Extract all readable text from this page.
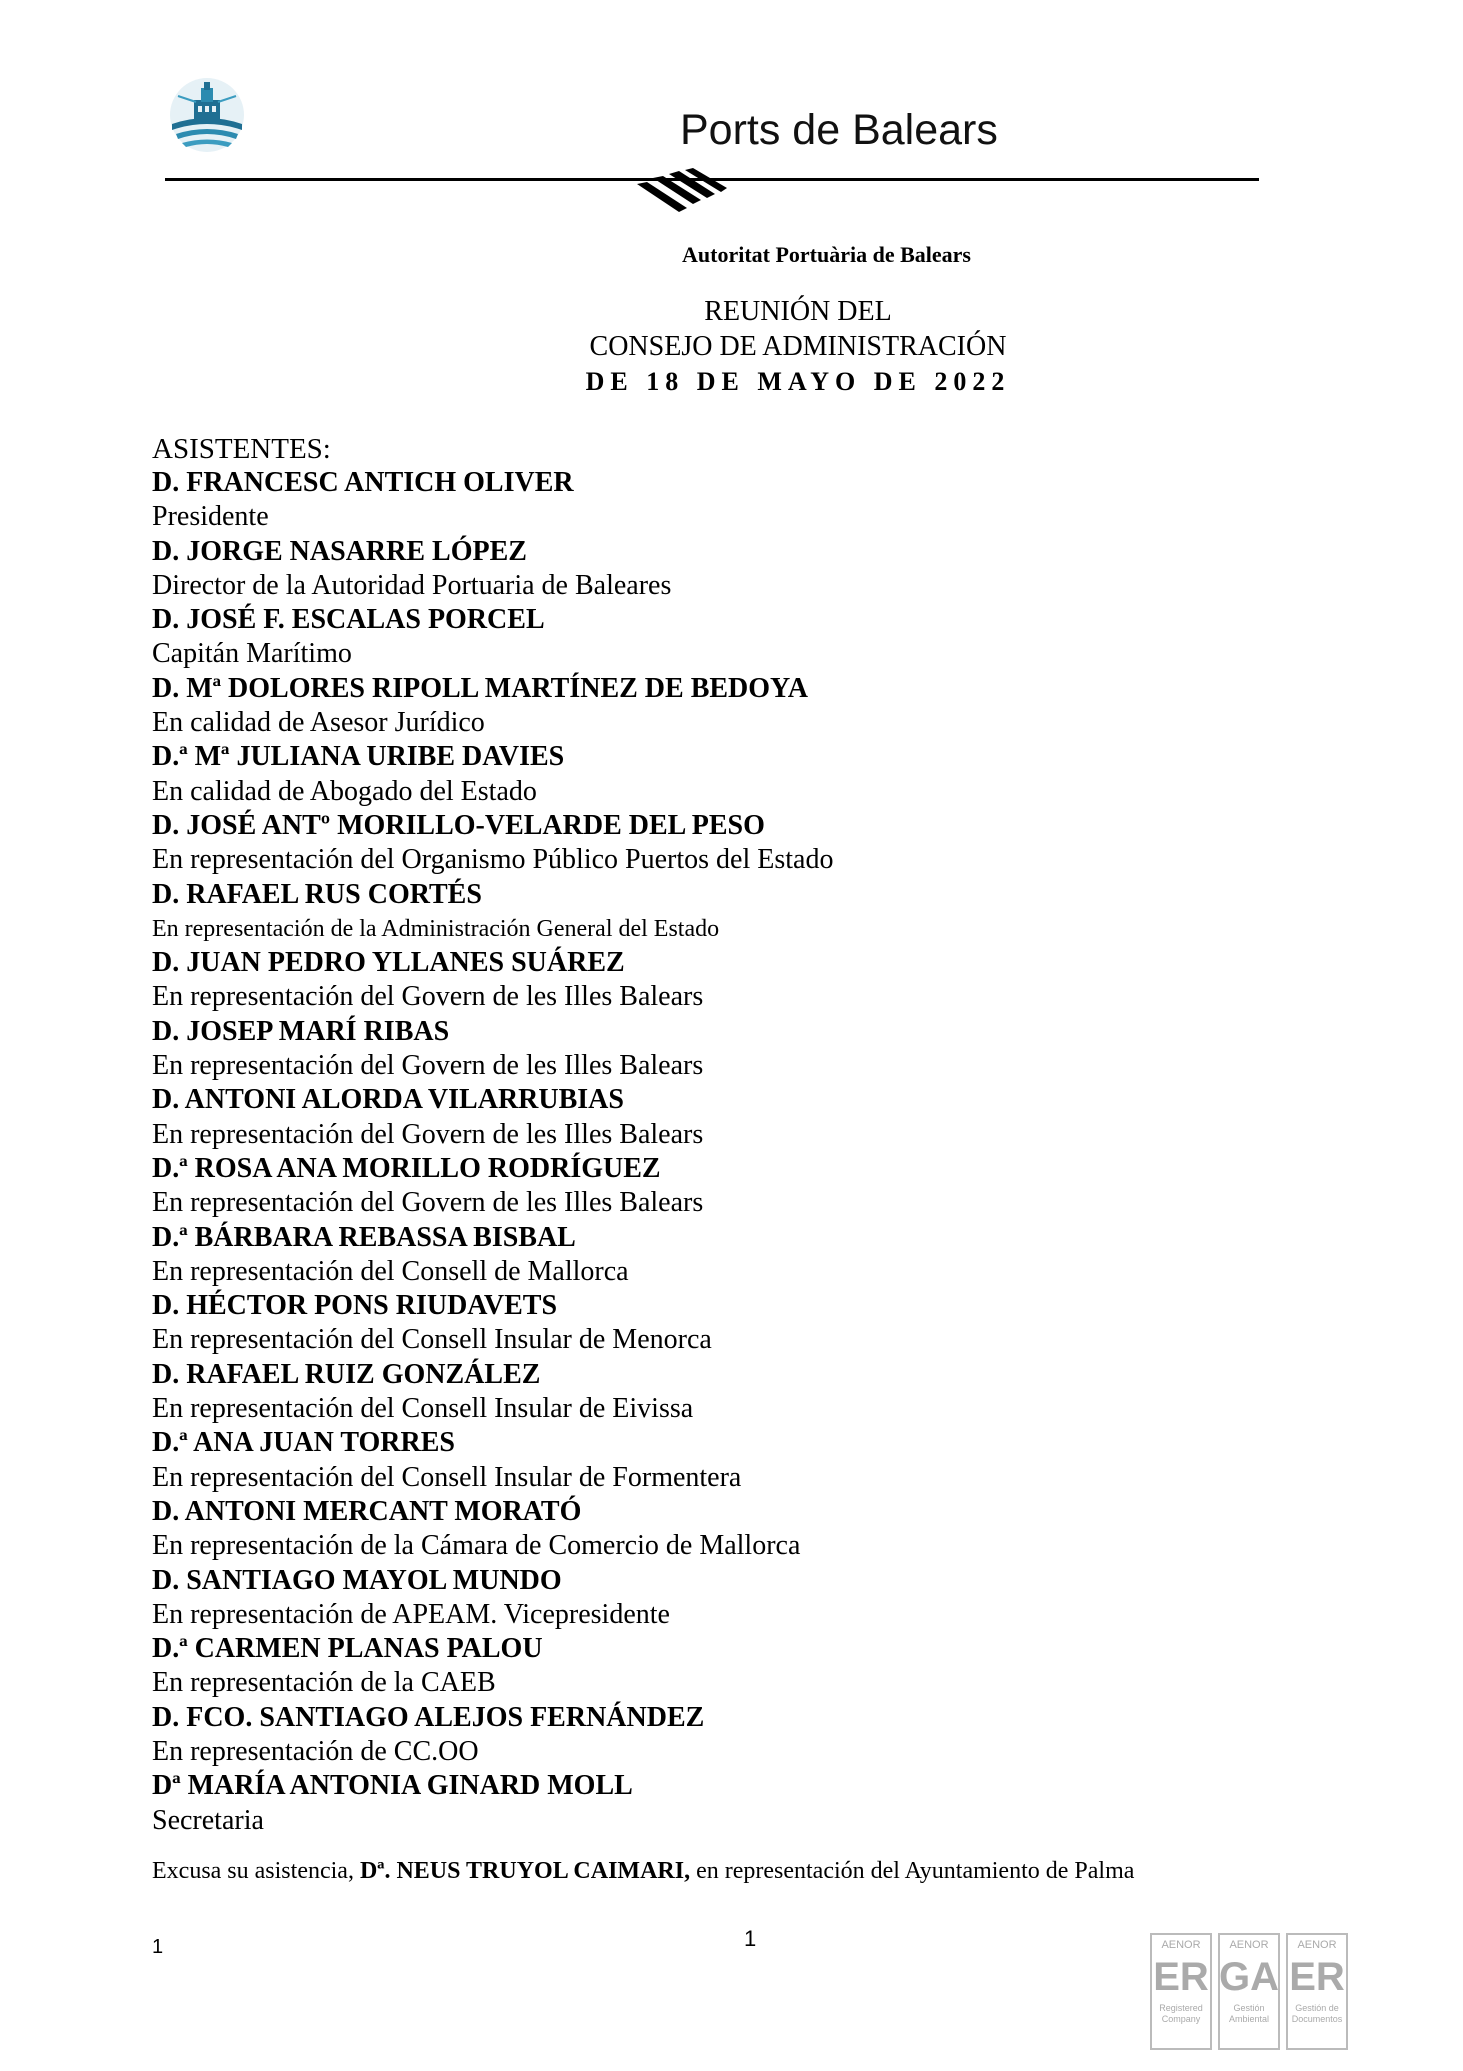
Ports de Balears
Autoritat Portuària de Balears
REUNIÓN DEL
CONSEJO DE ADMINISTRACIÓN
DE 18 DE MAYO DE 2022
ASISTENTES:
D. FRANCESC ANTICH OLIVER
Presidente
D. JORGE NASARRE LÓPEZ
Director de la Autoridad Portuaria de Baleares
D. JOSÉ F. ESCALAS PORCEL
Capitán Marítimo
D. Mª DOLORES RIPOLL MARTÍNEZ DE BEDOYA
En calidad de Asesor Jurídico
D.ª Mª JULIANA URIBE DAVIES
En calidad de Abogado del Estado
D. JOSÉ ANTº MORILLO-VELARDE DEL PESO
En representación del Organismo Público Puertos del Estado
D. RAFAEL RUS CORTÉS
En representación de la Administración General del Estado
D. JUAN PEDRO YLLANES SUÁREZ
En representación del Govern de les Illes Balears
D. JOSEP MARÍ RIBAS
En representación del Govern de les Illes Balears
D. ANTONI ALORDA VILARRUBIAS
En representación del Govern de les Illes Balears
D.ª ROSA ANA MORILLO RODRÍGUEZ
En representación del Govern de les Illes Balears
D.ª BÁRBARA REBASSA BISBAL
En representación del Consell de Mallorca
D. HÉCTOR PONS RIUDAVETS
En representación del Consell Insular de Menorca
D. RAFAEL RUIZ GONZÁLEZ
En representación del Consell Insular de Eivissa
D.ª ANA JUAN TORRES
En representación del Consell Insular de Formentera
D. ANTONI MERCANT MORATÓ
En representación de la Cámara de Comercio de Mallorca
D. SANTIAGO MAYOL MUNDO
En representación de APEAM. Vicepresidente
D.ª CARMEN PLANAS PALOU
En representación de la CAEB
D. FCO. SANTIAGO ALEJOS FERNÁNDEZ
En representación de CC.OO
Dª MARÍA ANTONIA GINARD MOLL
Secretaria
Excusa su asistencia, Dª. NEUS TRUYOL CAIMARI, en representación del Ayuntamiento de Palma
1	1	AENOR
ER
Registered Company
AENOR
GA
Gestión Ambiental
AENOR
ER
Gestión de Documentos
